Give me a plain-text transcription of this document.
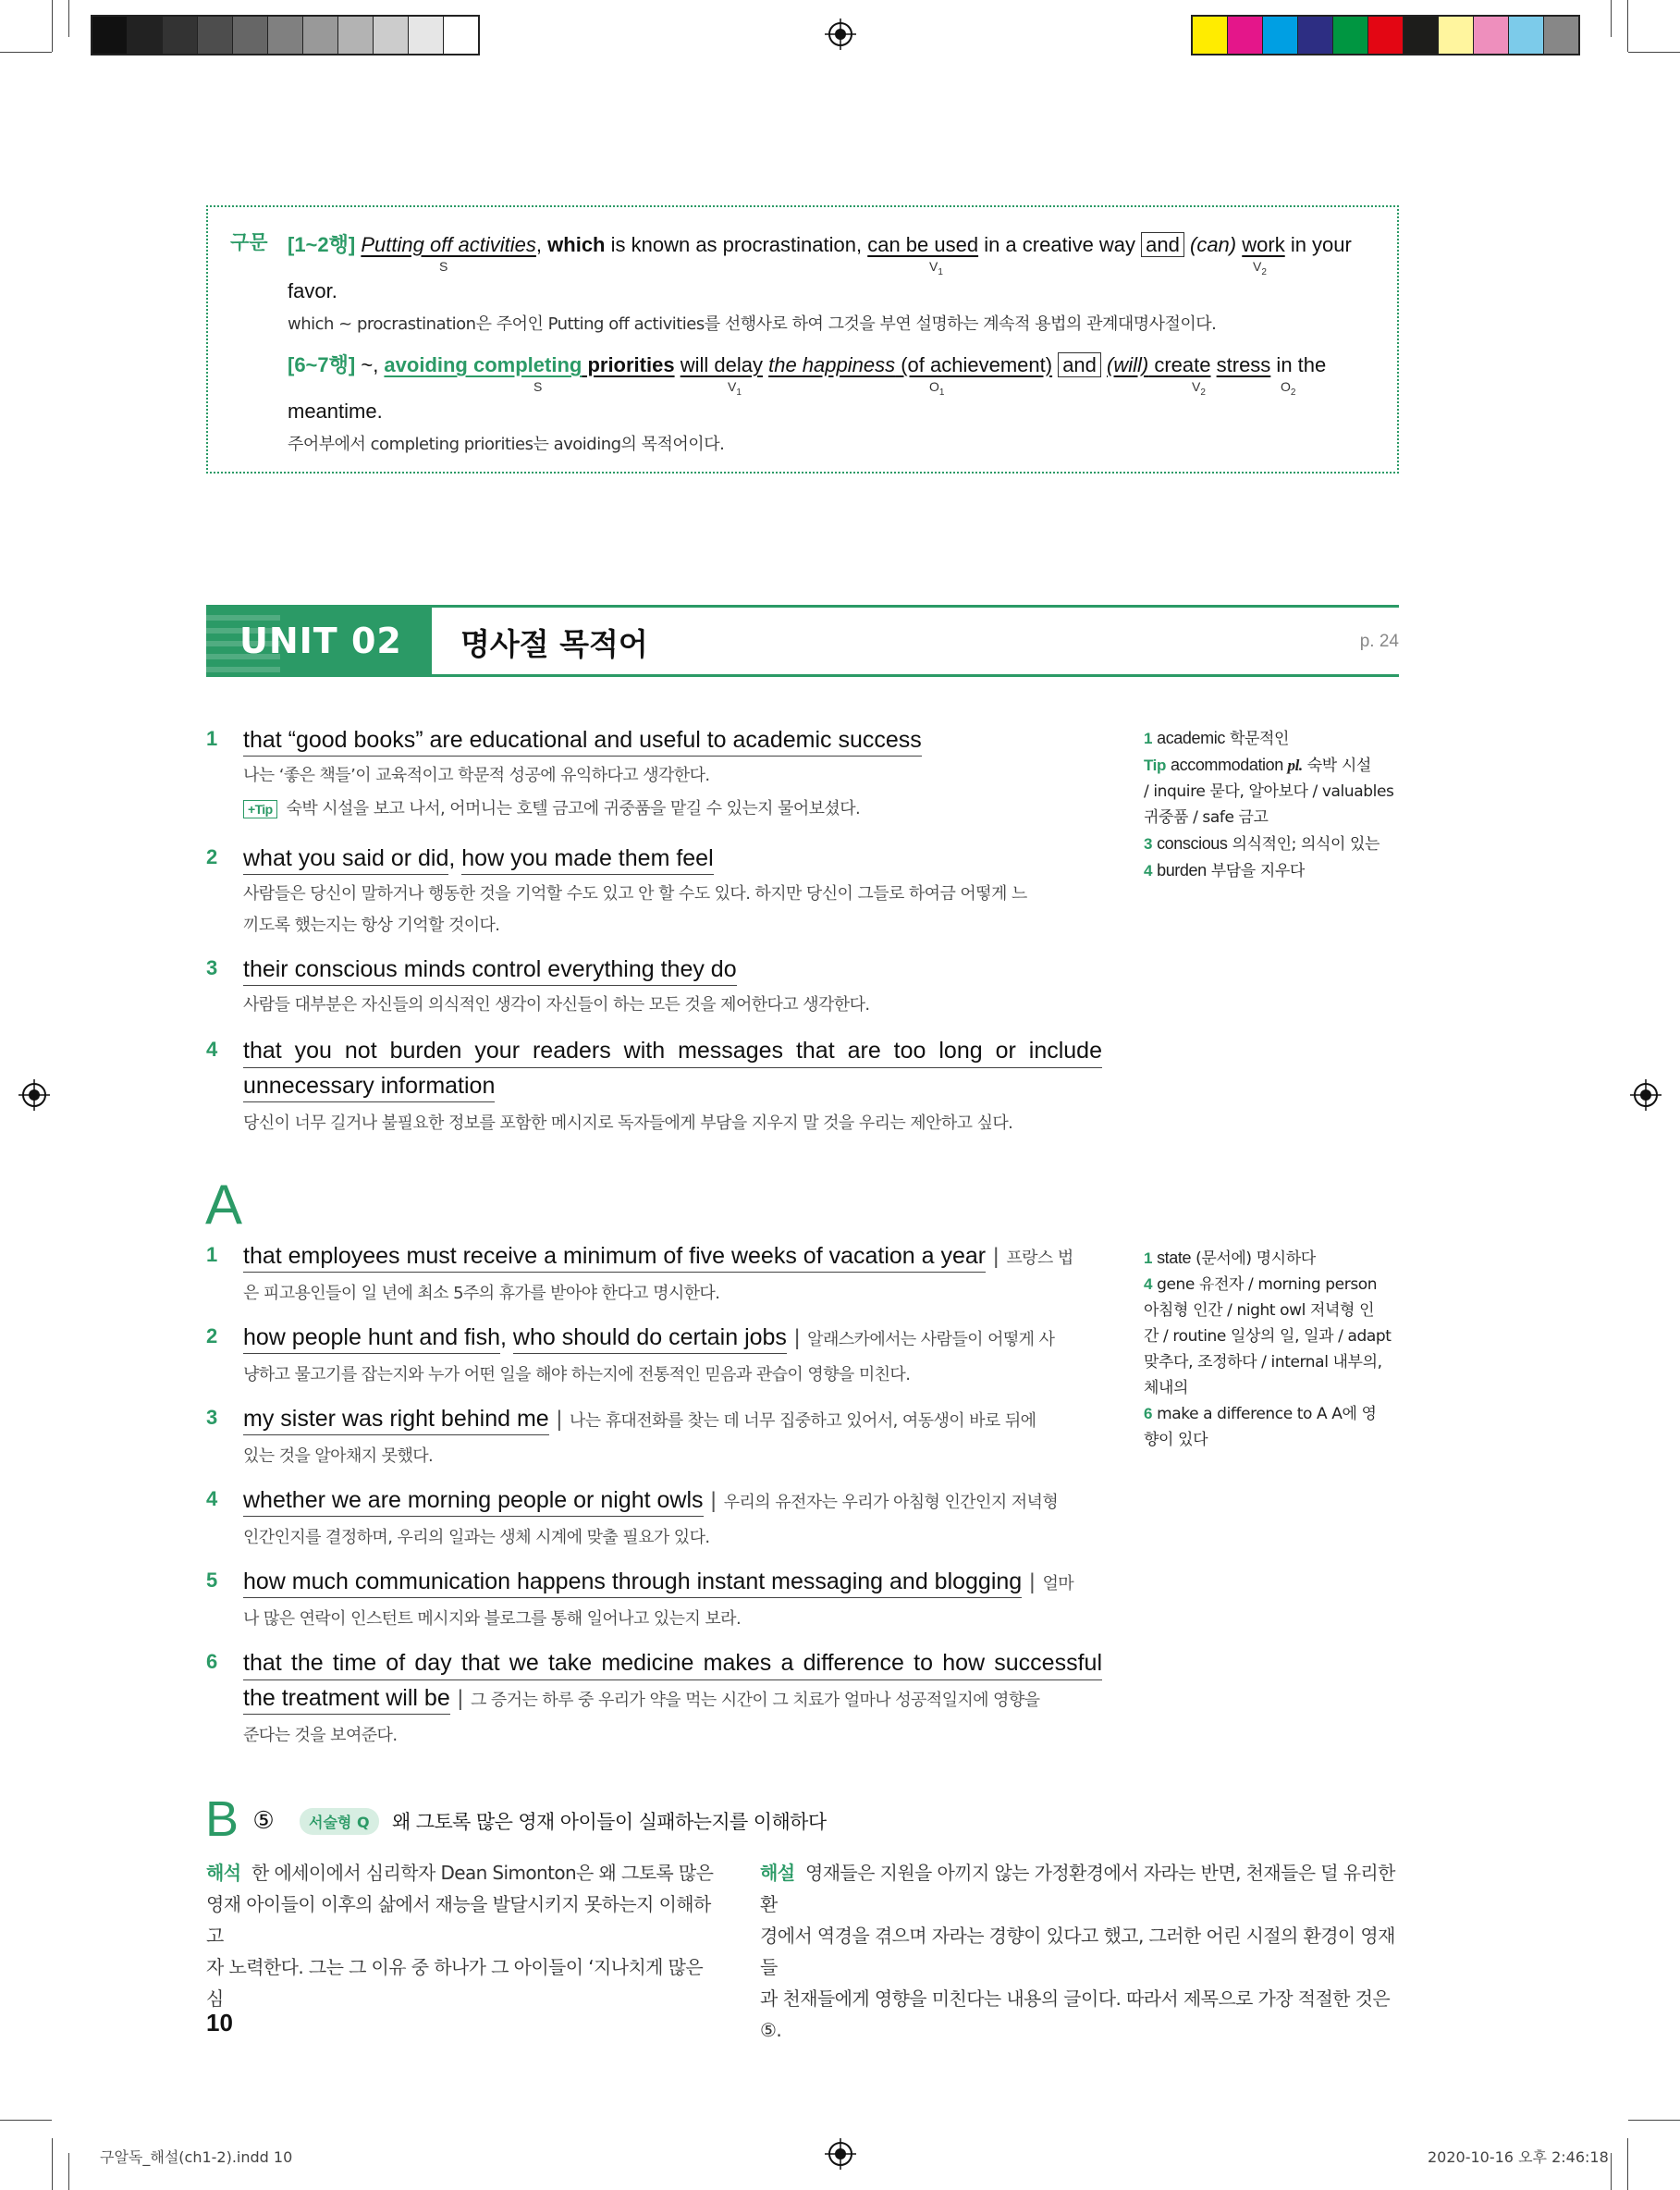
구문 [1~2행] Putting off activities, which is known as procrastination, can be used in a creative way and (can) work in your
S	$V_1$	$V_2$
favor.
which ~ procrastination은 주어인 Putting off activities를 선행사로 하여 그것을 부연 설명하는 계속적 용법의 관계대명사절이다.
[6~7행] ~, avoiding completing priorities will delay the happiness (of achievement) and (will) create stress in the
S	$V_1$	$O_1$	$V_2$	$O_2$
meantime.
주어부에서 completing priorities는 avoiding의 목적어이다.
UNIT 02 명사절 목적어	p. 24
1 that “good books” are educational and useful to academic success
나는 ‘좋은 책들’이 교육적이고 학문적 성공에 유익하다고 생각한다.
+Tip 숙박 시설을 보고 나서, 어머니는 호텔 금고에 귀중품을 맡길 수 있는지 물어보셨다.
2 what you said or did, how you made them feel
사람들은 당신이 말하거나 행동한 것을 기억할 수도 있고 안 할 수도 있다. 하지만 당신이 그들로 하여금 어떻게 느
끼도록 했는지는 항상 기억할 것이다.
3 their conscious minds control everything they do
사람들 대부분은 자신들의 의식적인 생각이 자신들이 하는 모든 것을 제어한다고 생각한다.
4 that you not burden your readers with messages that are too long or include
unnecessary information
당신이 너무 길거나 불필요한 정보를 포함한 메시지로 독자들에게 부담을 지우지 말 것을 우리는 제안하고 싶다.
1 academic 학문적인
Tip accommodation pl. 숙박 시설
/ inquire 묻다, 알아보다 / valuables
귀중품 / safe 금고
3 conscious 의식적인; 의식이 있는
4 burden 부담을 지우다
A
1 that employees must receive a minimum of five weeks of vacation a year | 프랑스 법
은 피고용인들이 일 년에 최소 5주의 휴가를 받아야 한다고 명시한다.
2 how people hunt and fish, who should do certain jobs | 알래스카에서는 사람들이 어떻게 사
냥하고 물고기를 잡는지와 누가 어떤 일을 해야 하는지에 전통적인 믿음과 관습이 영향을 미친다.
3 my sister was right behind me | 나는 휴대전화를 찾는 데 너무 집중하고 있어서, 여동생이 바로 뒤에
있는 것을 알아채지 못했다.
4 whether we are morning people or night owls | 우리의 유전자는 우리가 아침형 인간인지 저녁형
인간인지를 결정하며, 우리의 일과는 생체 시계에 맞출 필요가 있다.
5 how much communication happens through instant messaging and blogging | 얼마
나 많은 연락이 인스턴트 메시지와 블로그를 통해 일어나고 있는지 보라.
6 that the time of day that we take medicine makes a difference to how successful
the treatment will be | 그 증거는 하루 중 우리가 약을 먹는 시간이 그 치료가 얼마나 성공적일지에 영향을
준다는 것을 보여준다.
1 state (문서에) 명시하다
4 gene 유전자 / morning person
아침형 인간 / night owl 저녁형 인
간 / routine 일상의 일, 일과 / adapt
맞추다, 조정하다 / internal 내부의,
체내의
6 make a difference to A A에 영
향이 있다
B ⑤	서술형 Q	왜 그토록 많은 영재 아이들이 실패하는지를 이해하다
해석 한 에세이에서 심리학자 Dean Simonton은 왜 그토록 많은
영재 아이들이 이후의 삶에서 재능을 발달시키지 못하는지 이해하고
자 노력한다. 그는 그 이유 중 하나가 그 아이들이 ‘지나치게 많은 심
해설 영재들은 지원을 아끼지 않는 가정환경에서 자라는 반면, 천재들은 덜 유리한 환
경에서 역경을 겪으며 자라는 경향이 있다고 했고, 그러한 어린 시절의 환경이 영재들
과 천재들에게 영향을 미친다는 내용의 글이다. 따라서 제목으로 가장 적절한 것은 ⑤.
10
구알독_해설(ch1-2).indd 10	2020-10-16 오후 2:46:18
